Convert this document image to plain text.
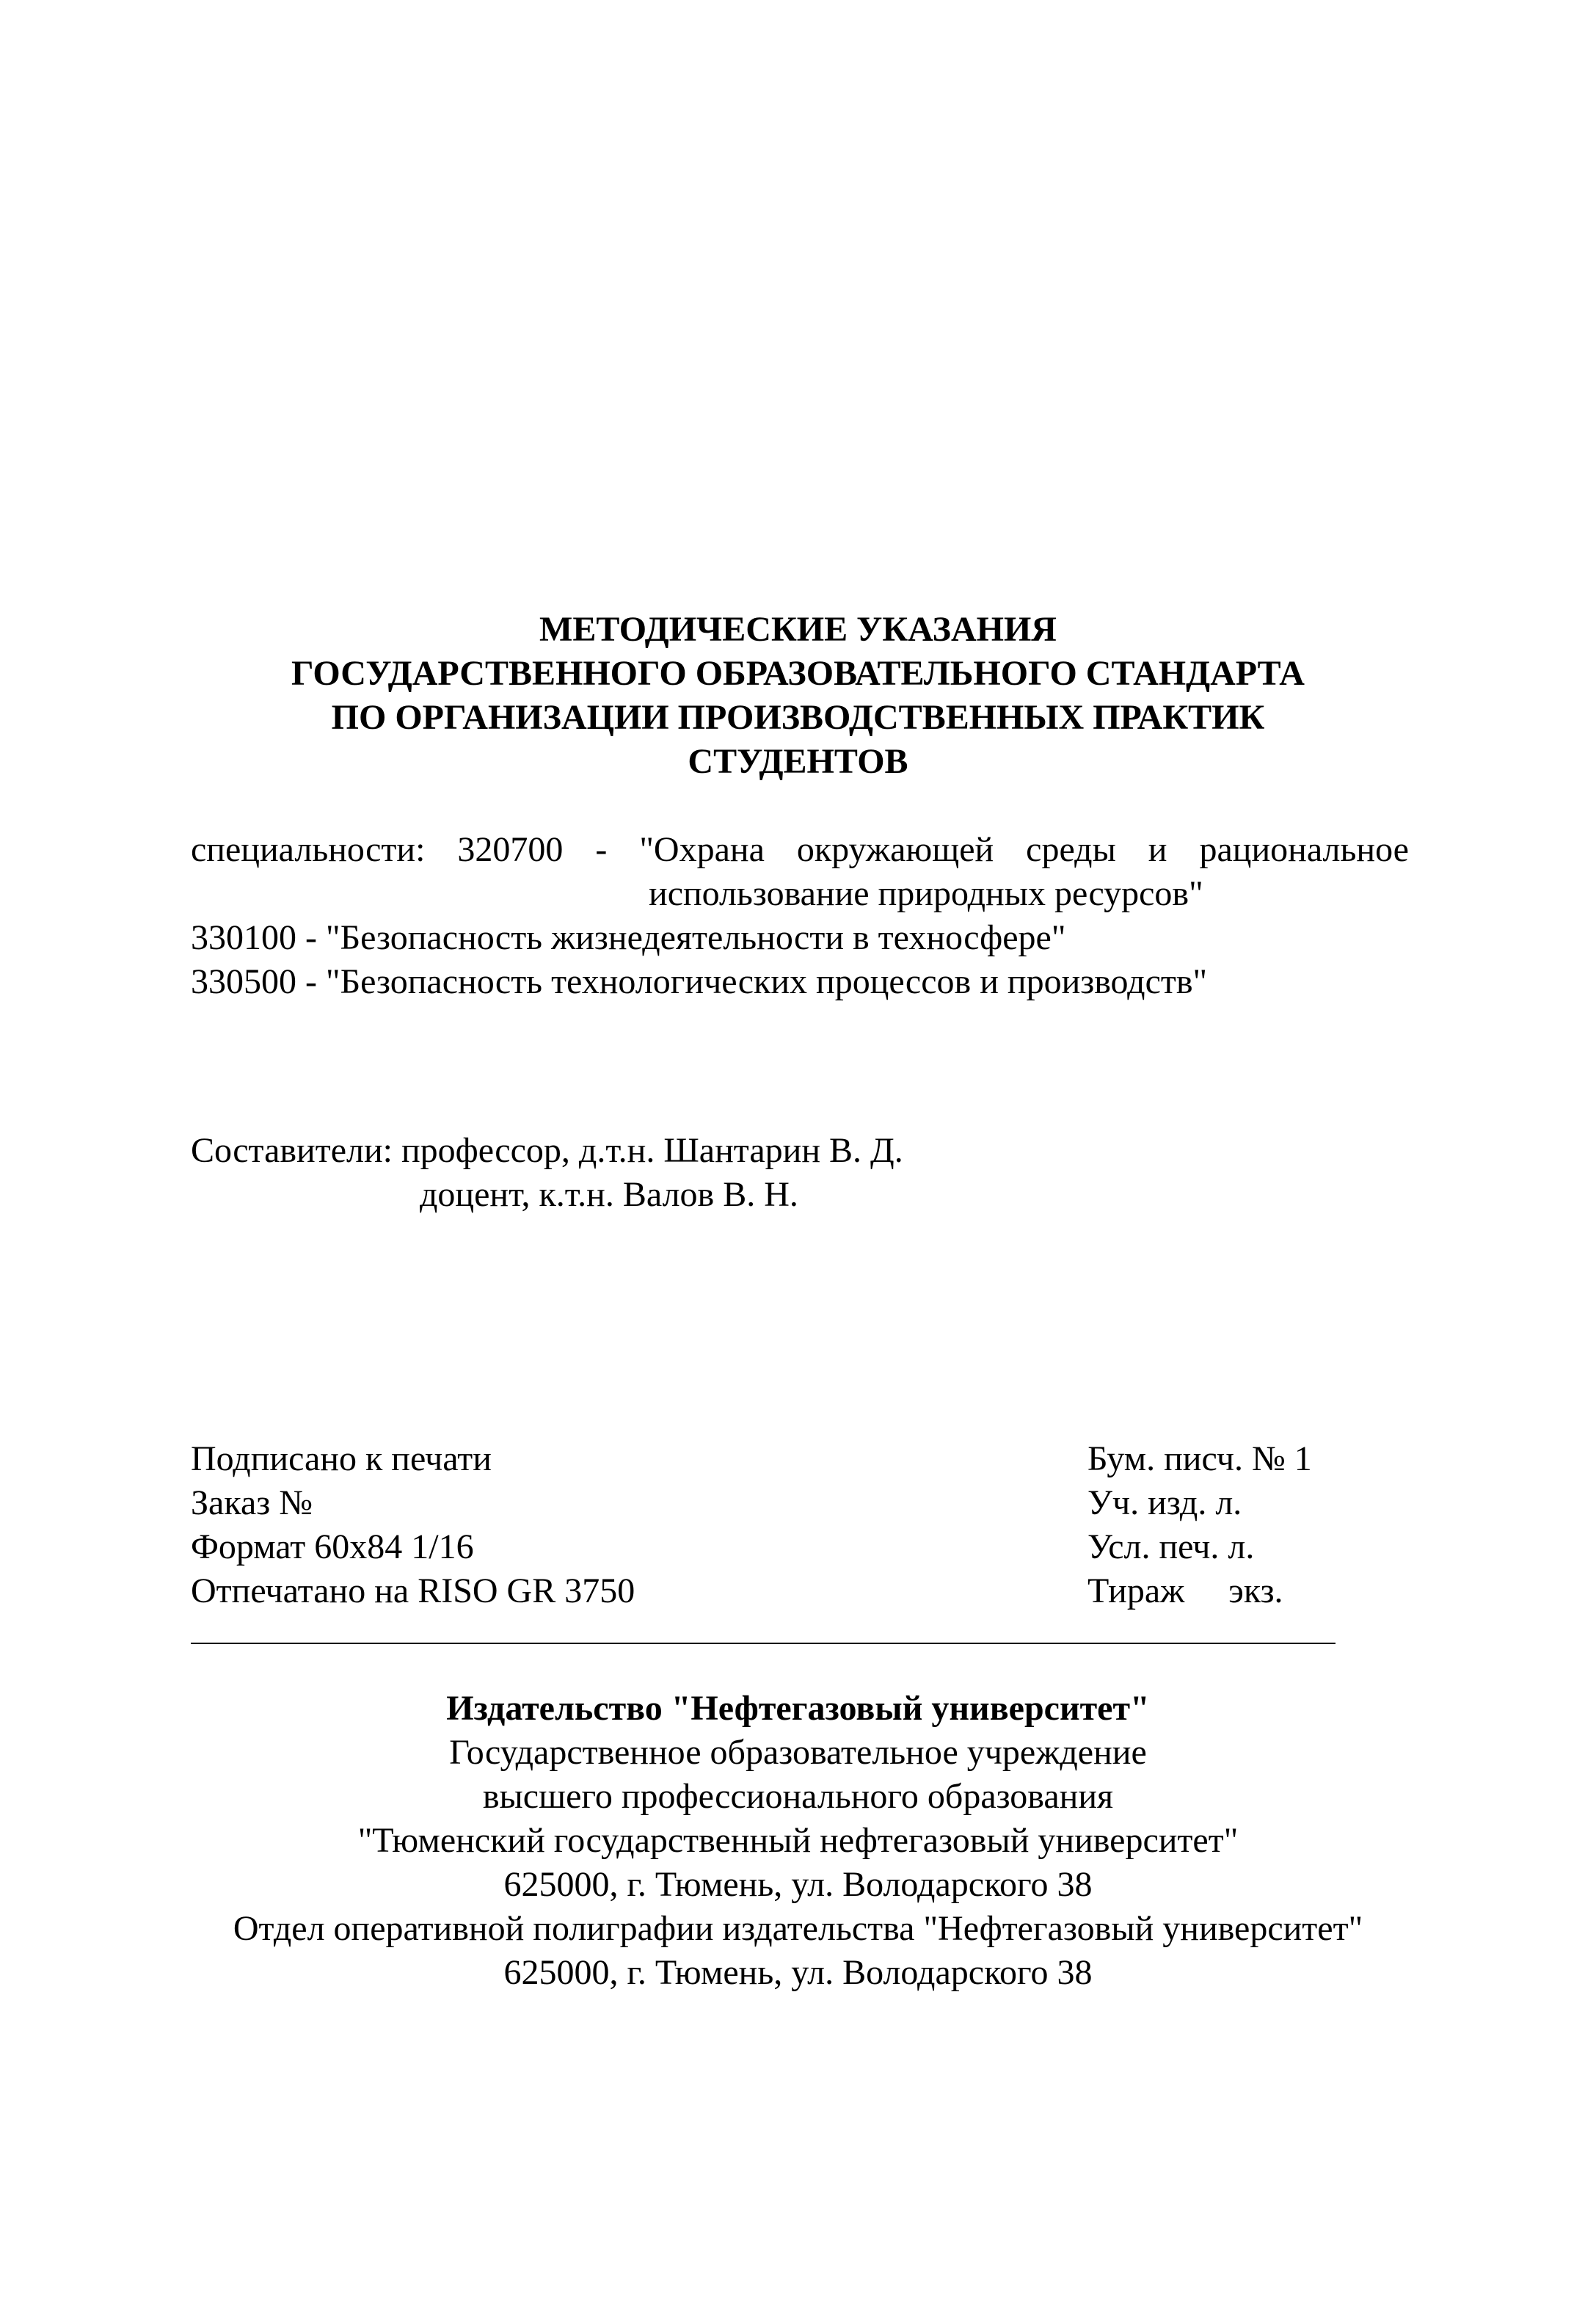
МЕТОДИЧЕСКИЕ УКАЗАНИЯ
ГОСУДАРСТВЕННОГО ОБРАЗОВАТЕЛЬНОГО СТАНДАРТА
ПО ОРГАНИЗАЦИИ ПРОИЗВОДСТВЕННЫХ ПРАКТИК
СТУДЕНТОВ
специальности: 320700 - "Охрана окружающей среды и рациональное
использование природных ресурсов"
330100 - "Безопасность жизнедеятельности в техносфере"
330500 - "Безопасность технологических процессов и производств"
Составители: профессор, д.т.н. Шантарин В. Д.
доцент, к.т.н. Валов В. Н.
Подписано к печати	Бум. писч. № 1
Заказ №	Уч. изд. л.
Формат 60x84 1/16	Усл. печ. л.
Отпечатано на RISO GR 3750	Тираж экз.
Издательство "Нефтегазовый университет"
Государственное образовательное учреждение
высшего профессионального образования
"Тюменский государственный нефтегазовый университет"
625000, г. Тюмень, ул. Володарского 38
Отдел оперативной полиграфии издательства "Нефтегазовый университет"
625000, г. Тюмень, ул. Володарского 38
